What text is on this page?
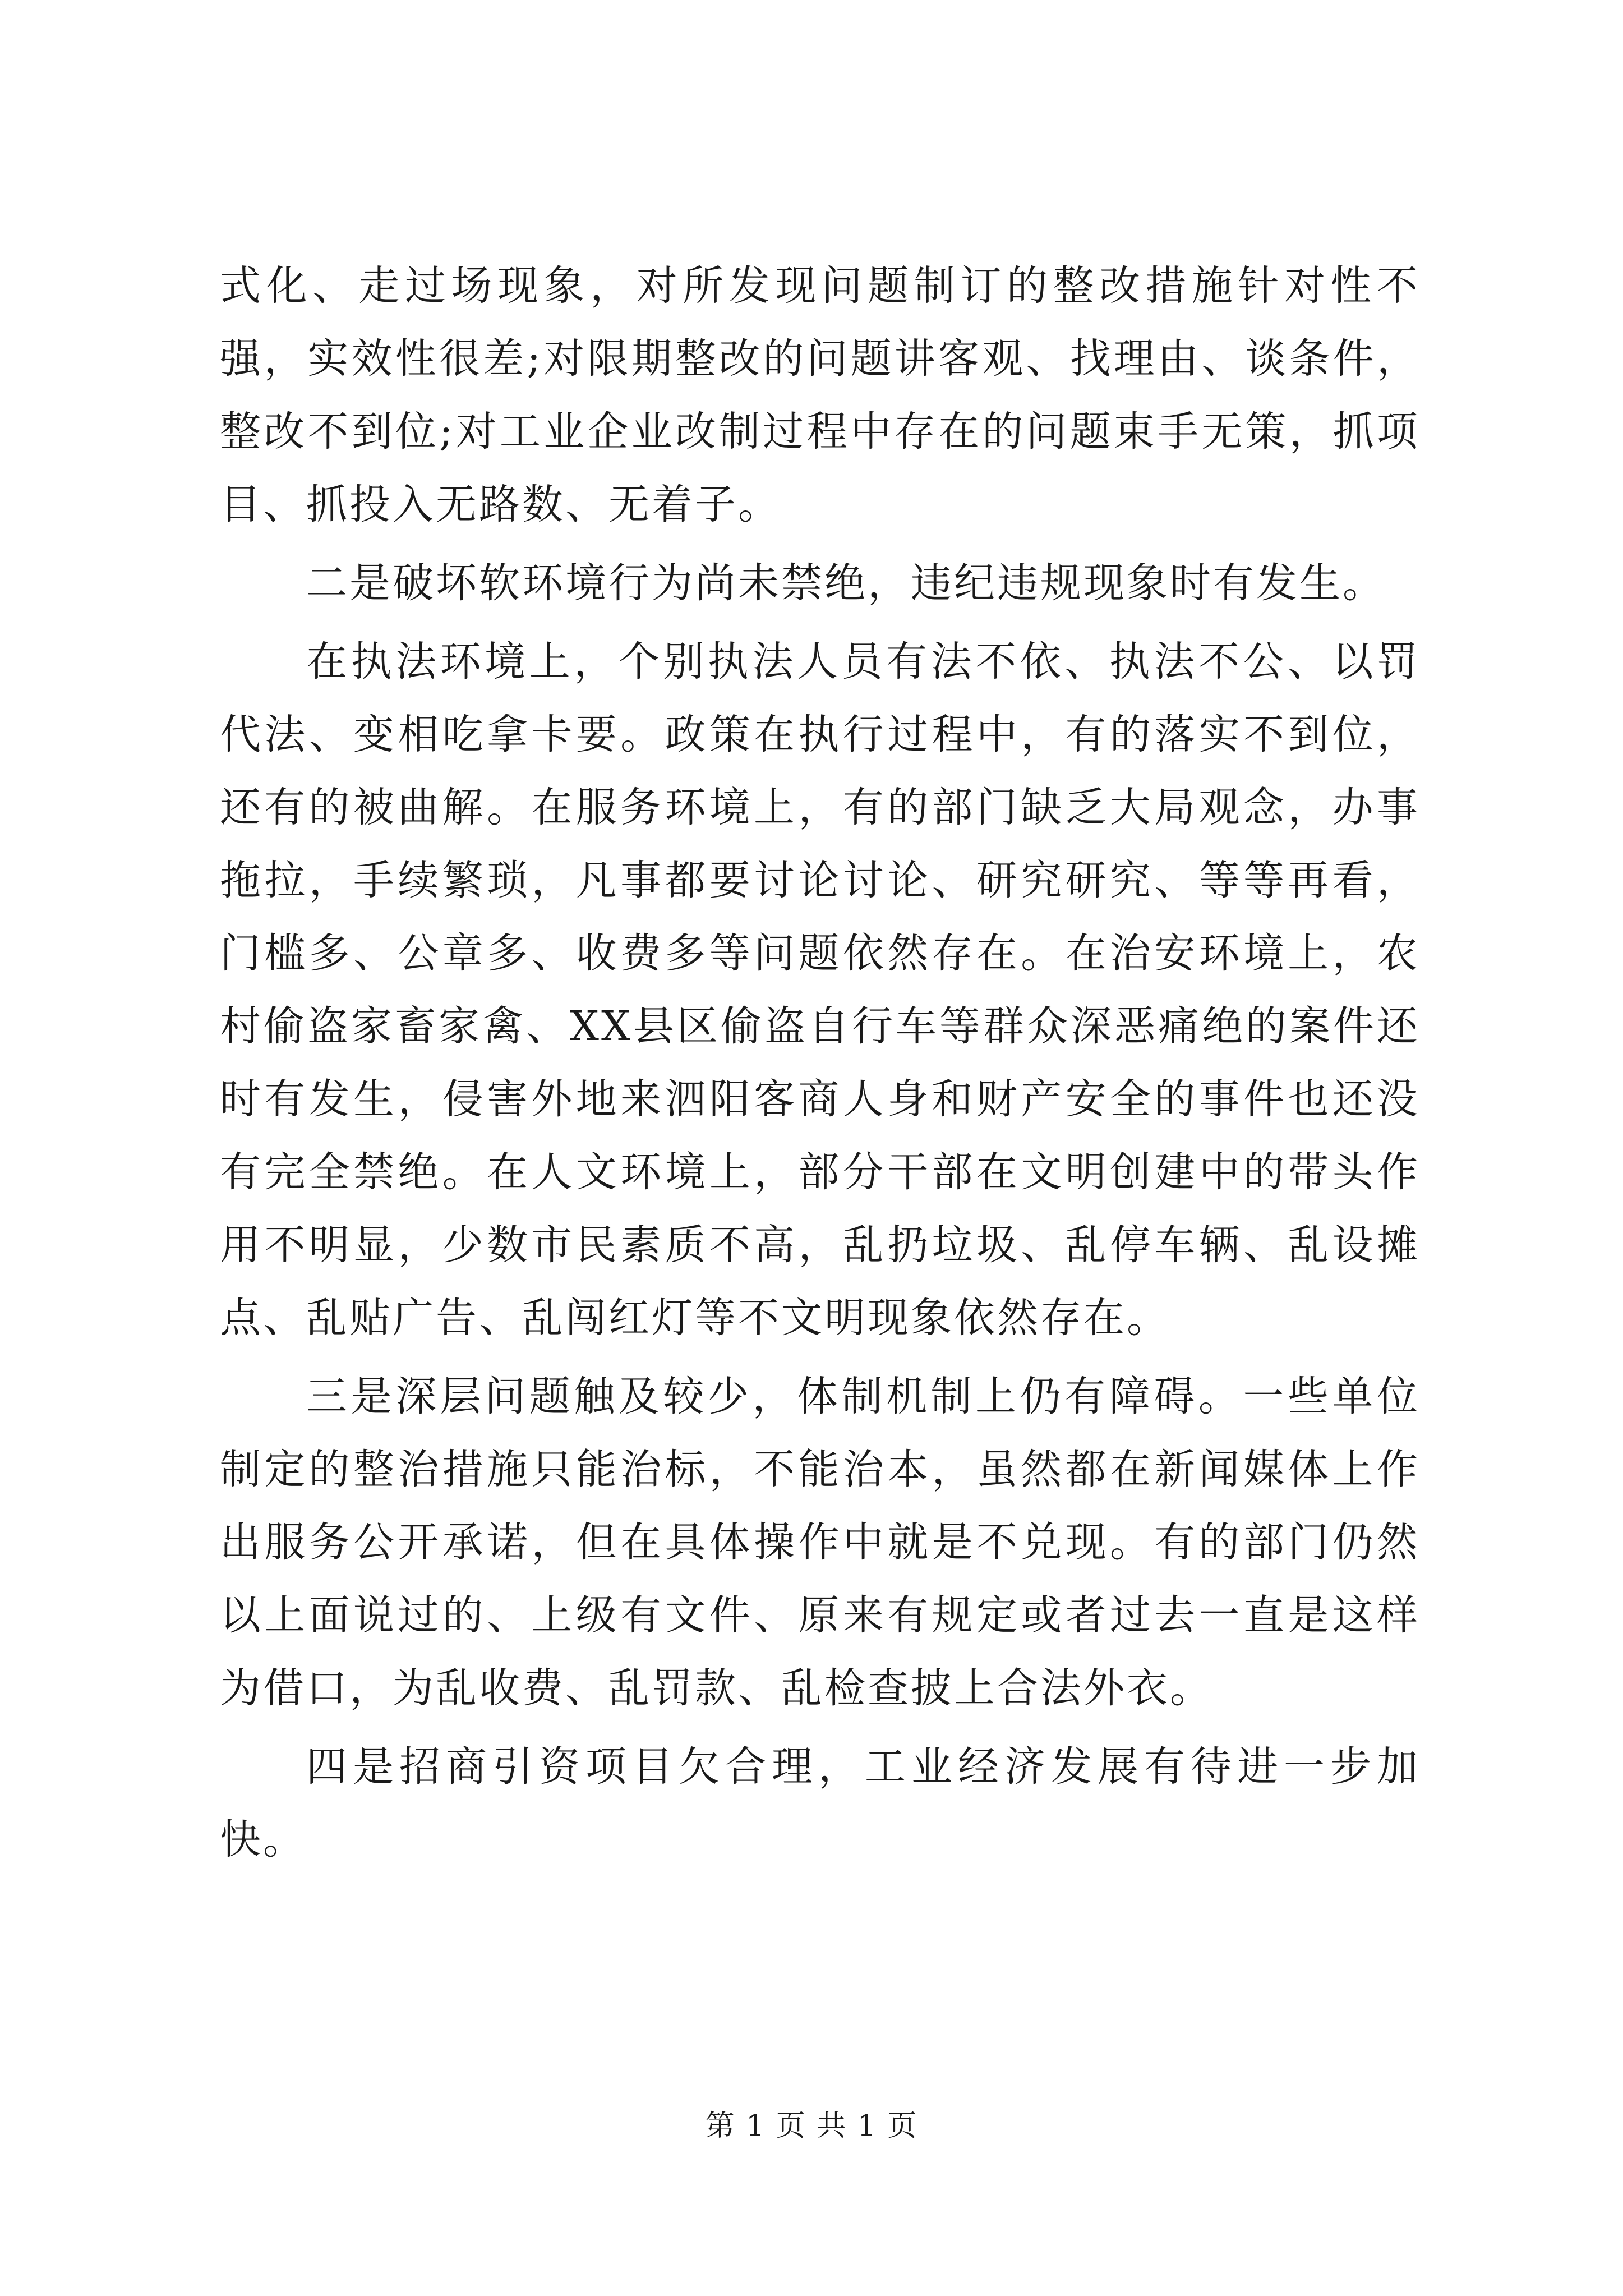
式化、走过场现象，对所发现问题制订的整改措施针对性不强，实效性很差;对限期整改的问题讲客观、找理由、谈条件，整改不到位;对工业企业改制过程中存在的问题束手无策，抓项目、抓投入无路数、无着子。

二是破坏软环境行为尚未禁绝，违纪违规现象时有发生。

在执法环境上，个别执法人员有法不依、执法不公、以罚代法、变相吃拿卡要。政策在执行过程中，有的落实不到位，还有的被曲解。在服务环境上，有的部门缺乏大局观念，办事拖拉，手续繁琐，凡事都要讨论讨论、研究研究、等等再看，门槛多、公章多、收费多等问题依然存在。在治安环境上，农村偷盗家畜家禽、XX县区偷盗自行车等群众深恶痛绝的案件还时有发生，侵害外地来泗阳客商人身和财产安全的事件也还没有完全禁绝。在人文环境上，部分干部在文明创建中的带头作用不明显，少数市民素质不高，乱扔垃圾、乱停车辆、乱设摊点、乱贴广告、乱闯红灯等不文明现象依然存在。

三是深层问题触及较少，体制机制上仍有障碍。一些单位制定的整治措施只能治标，不能治本，虽然都在新闻媒体上作出服务公开承诺，但在具体操作中就是不兑现。有的部门仍然以上面说过的、上级有文件、原来有规定或者过去一直是这样为借口，为乱收费、乱罚款、乱检查披上合法外衣。

四是招商引资项目欠合理，工业经济发展有待进一步加快。

第 1 页 共 1 页
